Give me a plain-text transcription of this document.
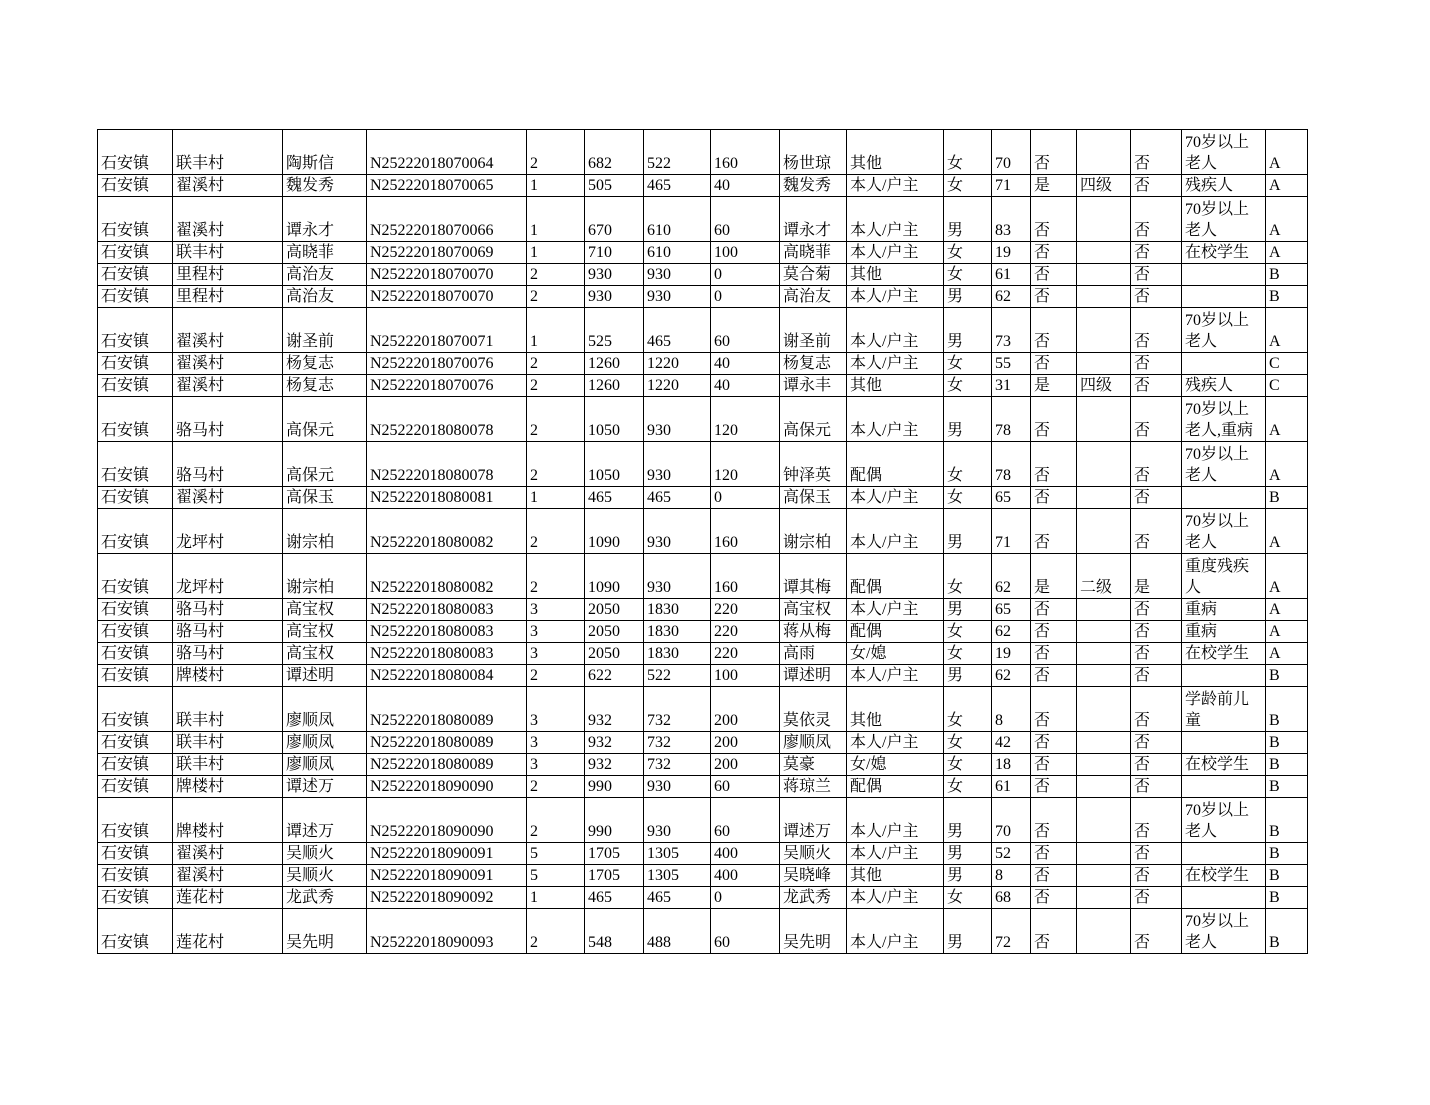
石安镇	联丰村	陶斯信	N25222018070064	2	682	522	160	杨世琼	其他	女	70	否		否	70岁以上老人	A
石安镇	翟溪村	魏发秀	N25222018070065	1	505	465	40	魏发秀	本人/户主	女	71	是	四级	否	残疾人	A
石安镇	翟溪村	谭永才	N25222018070066	1	670	610	60	谭永才	本人/户主	男	83	否		否	70岁以上老人	A
石安镇	联丰村	高晓菲	N25222018070069	1	710	610	100	高晓菲	本人/户主	女	19	否		否	在校学生	A
石安镇	里程村	高治友	N25222018070070	2	930	930	0	莫合菊	其他	女	61	否		否		B
石安镇	里程村	高治友	N25222018070070	2	930	930	0	高治友	本人/户主	男	62	否		否		B
石安镇	翟溪村	谢圣前	N25222018070071	1	525	465	60	谢圣前	本人/户主	男	73	否		否	70岁以上老人	A
石安镇	翟溪村	杨复志	N25222018070076	2	1260	1220	40	杨复志	本人/户主	女	55	否		否		C
石安镇	翟溪村	杨复志	N25222018070076	2	1260	1220	40	谭永丰	其他	女	31	是	四级	否	残疾人	C
石安镇	骆马村	高保元	N25222018080078	2	1050	930	120	高保元	本人/户主	男	78	否		否	70岁以上老人,重病	A
石安镇	骆马村	高保元	N25222018080078	2	1050	930	120	钟泽英	配偶	女	78	否		否	70岁以上老人	A
石安镇	翟溪村	高保玉	N25222018080081	1	465	465	0	高保玉	本人/户主	女	65	否		否		B
石安镇	龙坪村	谢宗柏	N25222018080082	2	1090	930	160	谢宗柏	本人/户主	男	71	否		否	70岁以上老人	A
石安镇	龙坪村	谢宗柏	N25222018080082	2	1090	930	160	谭其梅	配偶	女	62	是	二级	是	重度残疾人	A
石安镇	骆马村	高宝权	N25222018080083	3	2050	1830	220	高宝权	本人/户主	男	65	否		否	重病	A
石安镇	骆马村	高宝权	N25222018080083	3	2050	1830	220	蒋从梅	配偶	女	62	否		否	重病	A
石安镇	骆马村	高宝权	N25222018080083	3	2050	1830	220	高雨	女/媳	女	19	否		否	在校学生	A
石安镇	牌楼村	谭述明	N25222018080084	2	622	522	100	谭述明	本人/户主	男	62	否		否		B
石安镇	联丰村	廖顺凤	N25222018080089	3	932	732	200	莫依灵	其他	女	8	否		否	学龄前儿童	B
石安镇	联丰村	廖顺凤	N25222018080089	3	932	732	200	廖顺凤	本人/户主	女	42	否		否		B
石安镇	联丰村	廖顺凤	N25222018080089	3	932	732	200	莫豪	女/媳	女	18	否		否	在校学生	B
石安镇	牌楼村	谭述万	N25222018090090	2	990	930	60	蒋琼兰	配偶	女	61	否		否		B
石安镇	牌楼村	谭述万	N25222018090090	2	990	930	60	谭述万	本人/户主	男	70	否		否	70岁以上老人	B
石安镇	翟溪村	吴顺火	N25222018090091	5	1705	1305	400	吴顺火	本人/户主	男	52	否		否		B
石安镇	翟溪村	吴顺火	N25222018090091	5	1705	1305	400	吴晓峰	其他	男	8	否		否	在校学生	B
石安镇	莲花村	龙武秀	N25222018090092	1	465	465	0	龙武秀	本人/户主	女	68	否		否		B
石安镇	莲花村	吴先明	N25222018090093	2	548	488	60	吴先明	本人/户主	男	72	否		否	70岁以上老人	B
